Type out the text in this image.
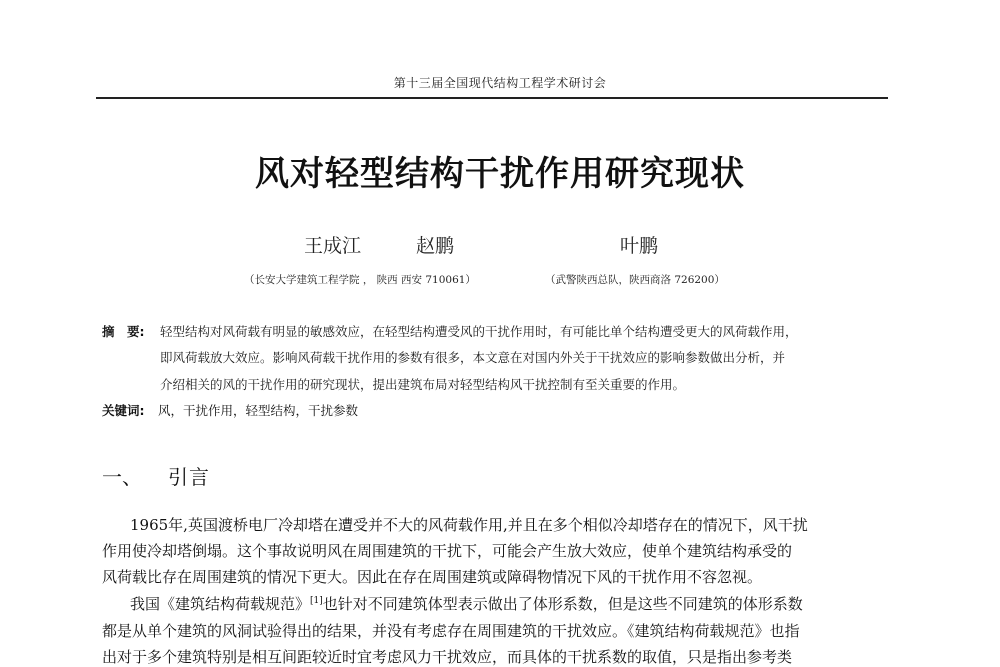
第十三届全国现代结构工程学术研讨会
风对轻型结构干扰作用研究现状
王成江	赵鹏	叶鹏
（长安大学建筑工程学院 ， 陕西 西安 710061）	（武警陕西总队，陕西商洛 726200）
摘　要: 轻型结构对风荷载有明显的敏感效应，在轻型结构遭受风的干扰作用时，有可能比单个结构遭受更大的风荷载作用，
即风荷载放大效应。影响风荷载干扰作用的参数有很多，本文意在对国内外关于干扰效应的影响参数做出分析，并
介绍相关的风的干扰作用的研究现状，提出建筑布局对轻型结构风干扰控制有至关重要的作用。
关键词: 风，干扰作用，轻型结构，干扰参数
一、 引言
1965年,英国渡桥电厂冷却塔在遭受并不大的风荷载作用,并且在多个相似冷却塔存在的情况下，风干扰
作用使冷却塔倒塌。这个事故说明风在周围建筑的干扰下，可能会产生放大效应，使单个建筑结构承受的
风荷载比存在周围建筑的情况下更大。因此在存在周围建筑或障碍物情况下风的干扰作用不容忽视。
我国《建筑结构荷载规范》[1]也针对不同建筑体型表示做出了体形系数，但是这些不同建筑的体形系数
都是从单个建筑的风洞试验得出的结果，并没有考虑存在周围建筑的干扰效应。《建筑结构荷载规范》也指
出对于多个建筑特别是相互间距较近时宜考虑风力干扰效应，而具体的干扰系数的取值，只是指出参考类
